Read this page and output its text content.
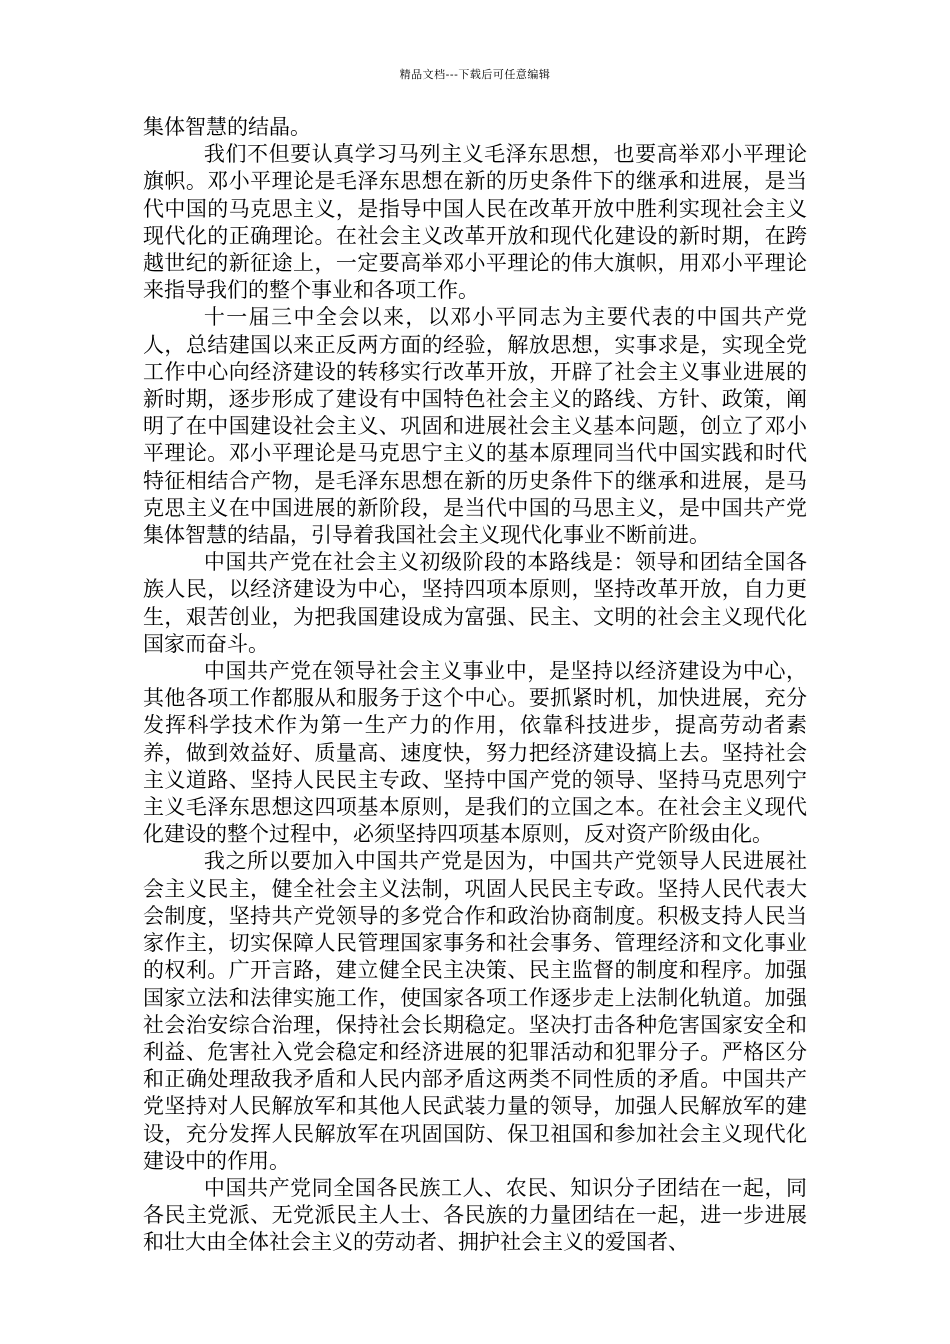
精品文档---下载后可任意编辑

集体智慧的结晶。

我们不但要认真学习马列主义毛泽东思想，也要高举邓小平理论旗帜。邓小平理论是毛泽东思想在新的历史条件下的继承和进展，是当代中国的马克思主义，是指导中国人民在改革开放中胜利实现社会主义现代化的正确理论。在社会主义改革开放和现代化建设的新时期，在跨越世纪的新征途上，一定要高举邓小平理论的伟大旗帜，用邓小平理论来指导我们的整个事业和各项工作。

十一届三中全会以来，以邓小平同志为主要代表的中国共产党人，总结建国以来正反两方面的经验，解放思想，实事求是，实现全党工作中心向经济建设的转移实行改革开放，开辟了社会主义事业进展的新时期，逐步形成了建设有中国特色社会主义的路线、方针、政策，阐明了在中国建设社会主义、巩固和进展社会主义基本问题，创立了邓小平理论。邓小平理论是马克思宁主义的基本原理同当代中国实践和时代特征相结合产物，是毛泽东思想在新的历史条件下的继承和进展，是马克思主义在中国进展的新阶段，是当代中国的马思主义，是中国共产党集体智慧的结晶，引导着我国社会主义现代化事业不断前进。

中国共产党在社会主义初级阶段的本路线是：领导和团结全国各族人民，以经济建设为中心，坚持四项本原则，坚持改革开放，自力更生，艰苦创业，为把我国建设成为富强、民主、文明的社会主义现代化国家而奋斗。

中国共产党在领导社会主义事业中，是坚持以经济建设为中心，其他各项工作都服从和服务于这个中心。要抓紧时机，加快进展，充分发挥科学技术作为第一生产力的作用，依靠科技进步，提高劳动者素养，做到效益好、质量高、速度快，努力把经济建设搞上去。坚持社会主义道路、坚持人民民主专政、坚持中国产党的领导、坚持马克思列宁主义毛泽东思想这四项基本原则，是我们的立国之本。在社会主义现代化建设的整个过程中，必须坚持四项基本原则，反对资产阶级由化。

我之所以要加入中国共产党是因为，中国共产党领导人民进展社会主义民主，健全社会主义法制，巩固人民民主专政。坚持人民代表大会制度，坚持共产党领导的多党合作和政治协商制度。积极支持人民当家作主，切实保障人民管理国家事务和社会事务、管理经济和文化事业的权利。广开言路，建立健全民主决策、民主监督的制度和程序。加强国家立法和法律实施工作，使国家各项工作逐步走上法制化轨道。加强社会治安综合治理，保持社会长期稳定。坚决打击各种危害国家安全和利益、危害社入党会稳定和经济进展的犯罪活动和犯罪分子。严格区分和正确处理敌我矛盾和人民内部矛盾这两类不同性质的矛盾。中国共产党坚持对人民解放军和其他人民武装力量的领导，加强人民解放军的建设，充分发挥人民解放军在巩固国防、保卫祖国和参加社会主义现代化建设中的作用。

中国共产党同全国各民族工人、农民、知识分子团结在一起，同各民主党派、无党派民主人士、各民族的力量团结在一起，进一步进展和壮大由全体社会主义的劳动者、拥护社会主义的爱国者、
